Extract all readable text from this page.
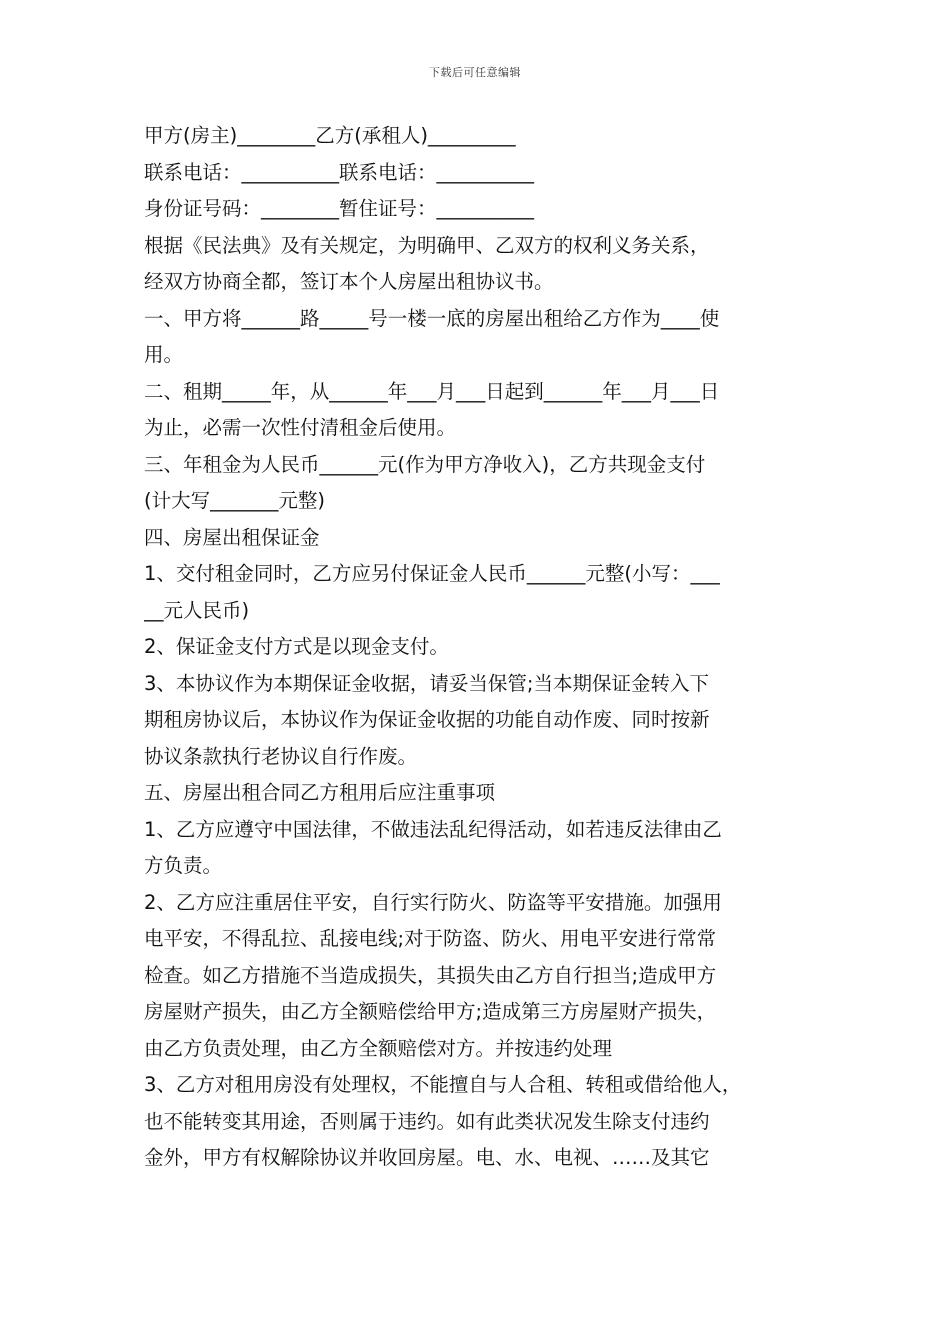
下载后可任意编辑
甲方(房主)________乙方(承租人)_________
联系电话：__________联系电话：__________
身份证号码：________暂住证号：__________
根据《民法典》及有关规定，为明确甲、乙双方的权利义务关系，
经双方协商全都，签订本个人房屋出租协议书。
一、甲方将______路_____号一楼一底的房屋出租给乙方作为____使
用。
二、租期_____年，从______年___月___日起到______年___月___日
为止，必需一次性付清租金后使用。
三、年租金为人民币______元(作为甲方净收入)，乙方共现金支付
(计大写_______元整)
四、房屋出租保证金
1、交付租金同时，乙方应另付保证金人民币______元整(小写：___
__元人民币)
2、保证金支付方式是以现金支付。
3、本协议作为本期保证金收据，请妥当保管;当本期保证金转入下
期租房协议后，本协议作为保证金收据的功能自动作废、同时按新
协议条款执行老协议自行作废。
五、房屋出租合同乙方租用后应注重事项
1、乙方应遵守中国法律，不做违法乱纪得活动，如若违反法律由乙
方负责。
2、乙方应注重居住平安，自行实行防火、防盗等平安措施。加强用
电平安，不得乱拉、乱接电线;对于防盗、防火、用电平安进行常常
检查。如乙方措施不当造成损失，其损失由乙方自行担当;造成甲方
房屋财产损失，由乙方全额赔偿给甲方;造成第三方房屋财产损失，
由乙方负责处理，由乙方全额赔偿对方。并按违约处理
3、乙方对租用房没有处理权，不能擅自与人合租、转租或借给他人，
也不能转变其用途，否则属于违约。如有此类状况发生除支付违约
金外，甲方有权解除协议并收回房屋。电、水、电视、……及其它
